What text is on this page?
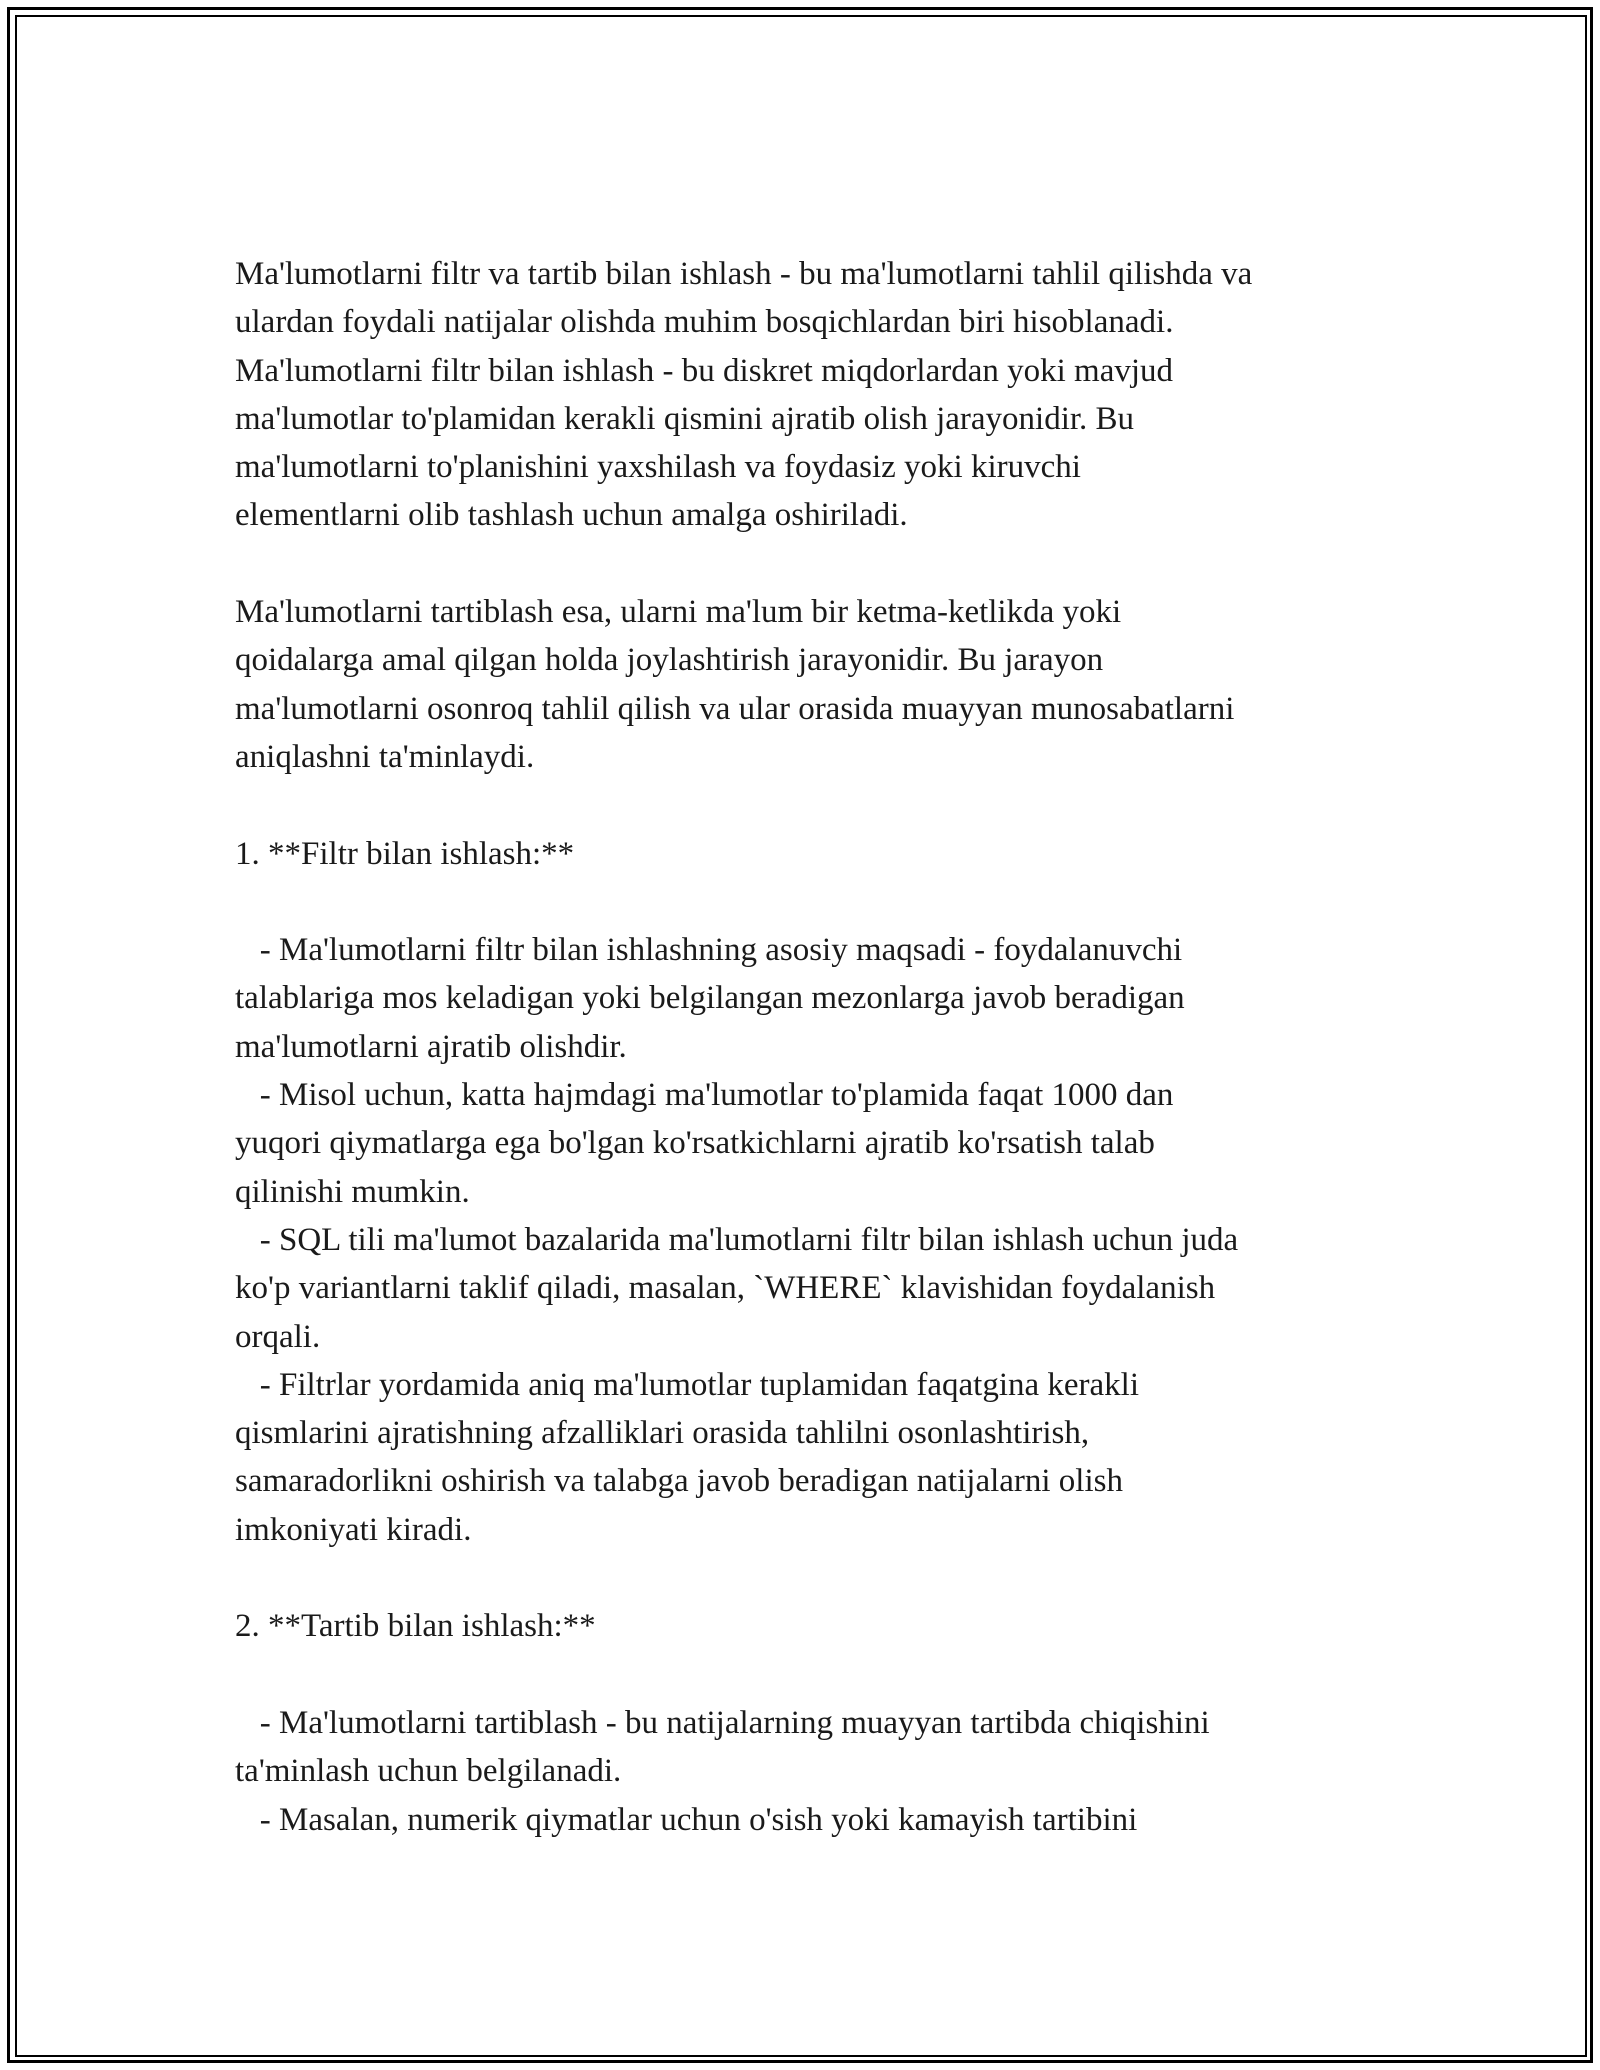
Ma'lumotlarni filtr va tartib bilan ishlash - bu ma'lumotlarni tahlil qilishda va
ulardan foydali natijalar olishda muhim bosqichlardan biri hisoblanadi.
Ma'lumotlarni filtr bilan ishlash - bu diskret miqdorlardan yoki mavjud
ma'lumotlar to'plamidan kerakli qismini ajratib olish jarayonidir. Bu
ma'lumotlarni to'planishini yaxshilash va foydasiz yoki kiruvchi
elementlarni olib tashlash uchun amalga oshiriladi.

Ma'lumotlarni tartiblash esa, ularni ma'lum bir ketma-ketlikda yoki
qoidalarga amal qilgan holda joylashtirish jarayonidir. Bu jarayon
ma'lumotlarni osonroq tahlil qilish va ular orasida muayyan munosabatlarni
aniqlashni ta'minlaydi.

1. **Filtr bilan ishlash:**

- Ma'lumotlarni filtr bilan ishlashning asosiy maqsadi - foydalanuvchi
talablariga mos keladigan yoki belgilangan mezonlarga javob beradigan
ma'lumotlarni ajratib olishdir.
- Misol uchun, katta hajmdagi ma'lumotlar to'plamida faqat 1000 dan
yuqori qiymatlarga ega bo'lgan ko'rsatkichlarni ajratib ko'rsatish talab
qilinishi mumkin.
- SQL tili ma'lumot bazalarida ma'lumotlarni filtr bilan ishlash uchun juda
ko'p variantlarni taklif qiladi, masalan, `WHERE` klavishidan foydalanish
orqali.
- Filtrlar yordamida aniq ma'lumotlar tuplamidan faqatgina kerakli
qismlarini ajratishning afzalliklari orasida tahlilni osonlashtirish,
samaradorlikni oshirish va talabga javob beradigan natijalarni olish
imkoniyati kiradi.

2. **Tartib bilan ishlash:**

- Ma'lumotlarni tartiblash - bu natijalarning muayyan tartibda chiqishini
ta'minlash uchun belgilanadi.
- Masalan, numerik qiymatlar uchun o'sish yoki kamayish tartibini
